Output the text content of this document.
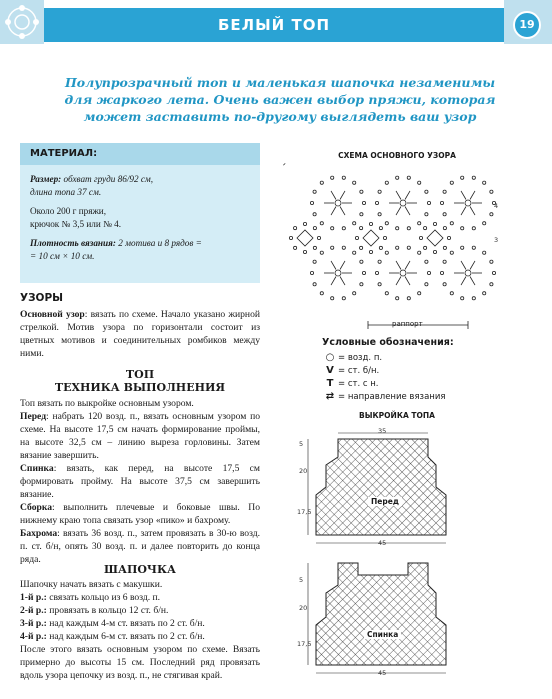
БЕЛЫЙ ТОП	19
Полупрозрачный топ и маленькая шапочка незаменимы
для жаркого лета. Очень важен выбор пряжи, которая
может заставить по-другому выглядеть ваш узор
МАТЕРИАЛ:

Размер: обхват груди 86/92 см,

длина топа 37 см.

Около 200 г пряжи,

крючок № 3,5 или № 4.

Плотность вязания: 2 мотива и 8 рядов =

= 10 см × 10 см.

УЗОРЫ

Основной узор: вязать по схеме. Начало указано жирной стрелкой. Мотив узора по горизонтали состоит из цветных мотивов и соединительных ромбиков между ними.

ТОП
ТЕХНИКА ВЫПОЛНЕНИЯ

Топ вязать по выкройке основным узором.

Перед: набрать 120 возд. п., вязать основным узором по схеме. На высоте 17,5 см начать формирование проймы, на высоте 32,5 см – линию выреза горловины. Затем вязание завершить.

Спинка: вязать, как перед, на высоте 17,5 см формировать пройму. На высоте 37,5 см завершить вязание.

Сборка: выполнить плечевые и боковые швы. По нижнему краю топа связать узор «пико» и бахрому.

Бахрома: вязать 36 возд. п., затем провязать в 30-ю возд. п. ст. б/н, опять 30 возд. п. и далее повторить до конца ряда.

ШАПОЧКА

Шапочку начать вязать с макушки.

1-й р.: связать кольцо из 6 возд. п.

2-й р.: провязать в кольцо 12 ст. б/н.

3-й р.: над каждым 4-м ст. вязать по 2 ст. б/н.

4-й р.: над каждым 6-м ст. вязать по 2 ст. б/н.

После этого вязать основным узором по схеме. Вязать примерно до высоты 15 см. Последний ряд провязать вдоль узора цепочку из возд. п., не стягивая край.

СХЕМА ОСНОВНОГО УЗОРА
раппорт
4
3
Условные обозначения:
○ = возд. п.
V = ст. б/н.
T = ст. с н.
⇄ = направление вязания
ВЫКРОЙКА ТОПА
Перед
Спинка
35
45
45
5
20
17,5
5
20
17,5
